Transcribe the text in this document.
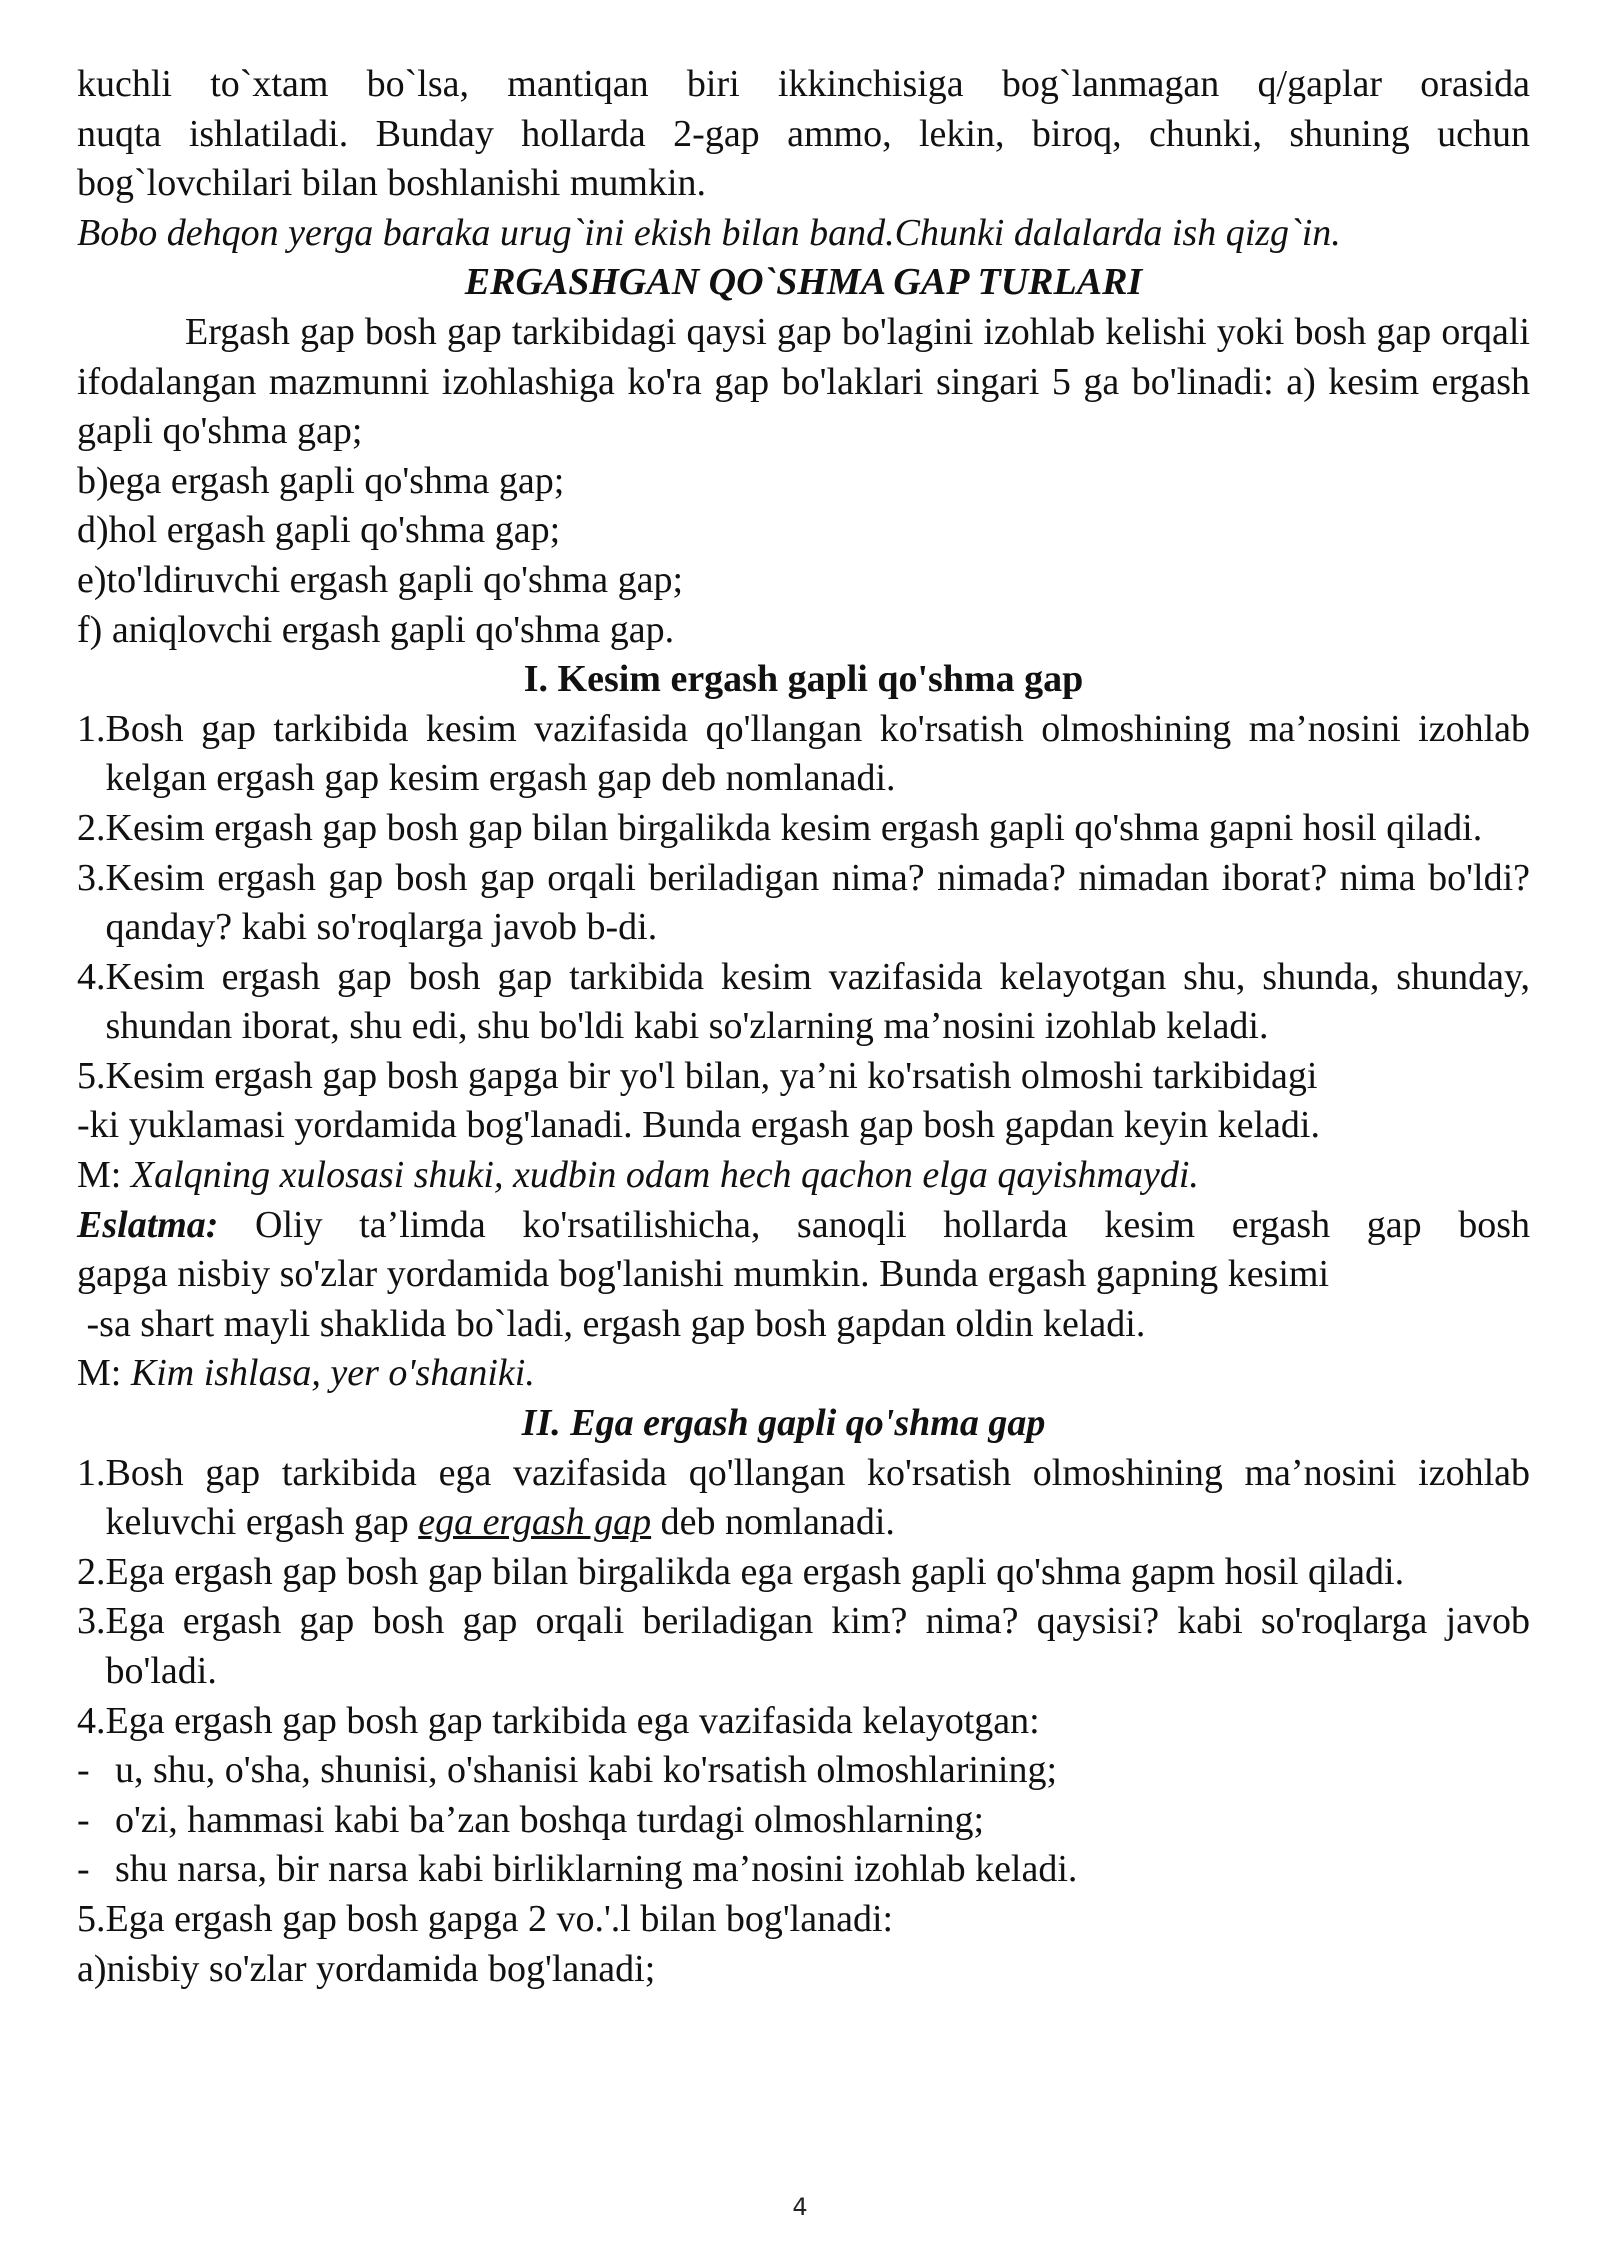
kuchli to`xtam bo`lsa, mantiqan biri ikkinchisiga bog`lanmagan q/gaplar orasida

nuqta ishlatiladi. Bunday hollarda 2-gap ammo, lekin, biroq, chunki, shuning uchun

bog`lovchilari bilan boshlanishi mumkin.

Bobo dehqon yerga baraka urug`ini ekish bilan band.Chunki dalalarda ish qizg`in.

ERGASHGAN QO`SHMA GAP TURLARI

Ergash gap bosh gap tarkibidagi qaysi gap bo'lagini izohlab kelishi yoki bosh gap orqali ifodalangan mazmunni izohlashiga ko'ra gap bo'laklari singari 5 ga bo'linadi: a) kesim ergash gapli qo'shma gap;

b) ega ergash gapli qo'shma gap;
d) hol ergash gapli qo'shma gap;
e) to'ldiruvchi ergash gapli qo'shma gap;
f) aniqlovchi ergash gapli qo'shma gap.

I. Kesim ergash gapli qo'shma gap

1. Bosh gap tarkibida kesim vazifasida qo'llangan ko'rsatish olmoshining ma’nosini izohlab kelgan ergash gap kesim ergash gap deb nomlanadi.
2. Kesim ergash gap bosh gap bilan birgalikda kesim ergash gapli qo'shma gapni hosil qiladi.
3. Kesim ergash gap bosh gap orqali beriladigan nima? nimada? nimadan iborat? nima bo'ldi? qanday? kabi so'roqlarga javob b-di.
4. Kesim ergash gap bosh gap tarkibida kesim vazifasida kelayotgan shu, shunda, shunday, shundan iborat, shu edi, shu bo'ldi kabi so'zlarning ma’nosini izohlab keladi.
5. Kesim ergash gap bosh gapga bir yo'l bilan, ya’ni ko'rsatish olmoshi tarkibidagi

-ki yuklamasi yordamida bog'lanadi. Bunda ergash gap bosh gapdan keyin keladi.

M: Xalqning xulosasi shuki, xudbin odam hech qachon elga qayishmaydi.

Eslatma: Oliy ta’limda ko'rsatilishicha, sanoqli hollarda kesim ergash gap bosh

gapga nisbiy so'zlar yordamida bog'lanishi mumkin. Bunda ergash gapning kesimi

-sa shart mayli shaklida bo`ladi, ergash gap bosh gapdan oldin keladi.

M: Kim ishlasa, yer o'shaniki.

II. Ega ergash gapli qo'shma gap

1. Bosh gap tarkibida ega vazifasida qo'llangan ko'rsatish olmoshining ma’nosini izohlab keluvchi ergash gap ega ergash gap deb nomlanadi.
2. Ega ergash gap bosh gap bilan birgalikda ega ergash gapli qo'shma gapm hosil qiladi.
3. Ega ergash gap bosh gap orqali beriladigan kim? nima? qaysisi? kabi so'roqlarga javob bo'ladi.
4. Ega ergash gap bosh gap tarkibida ega vazifasida kelayotgan:
- u, shu, o'sha, shunisi, o'shanisi kabi ko'rsatish olmoshlarining;
- o'zi, hammasi kabi ba’zan boshqa turdagi olmoshlarning;
- shu narsa, bir narsa kabi birliklarning ma’nosini izohlab keladi.
5. Ega ergash gap bosh gapga 2 vo.'.l bilan bog'lanadi:
a) nisbiy so'zlar yordamida bog'lanadi;
4
